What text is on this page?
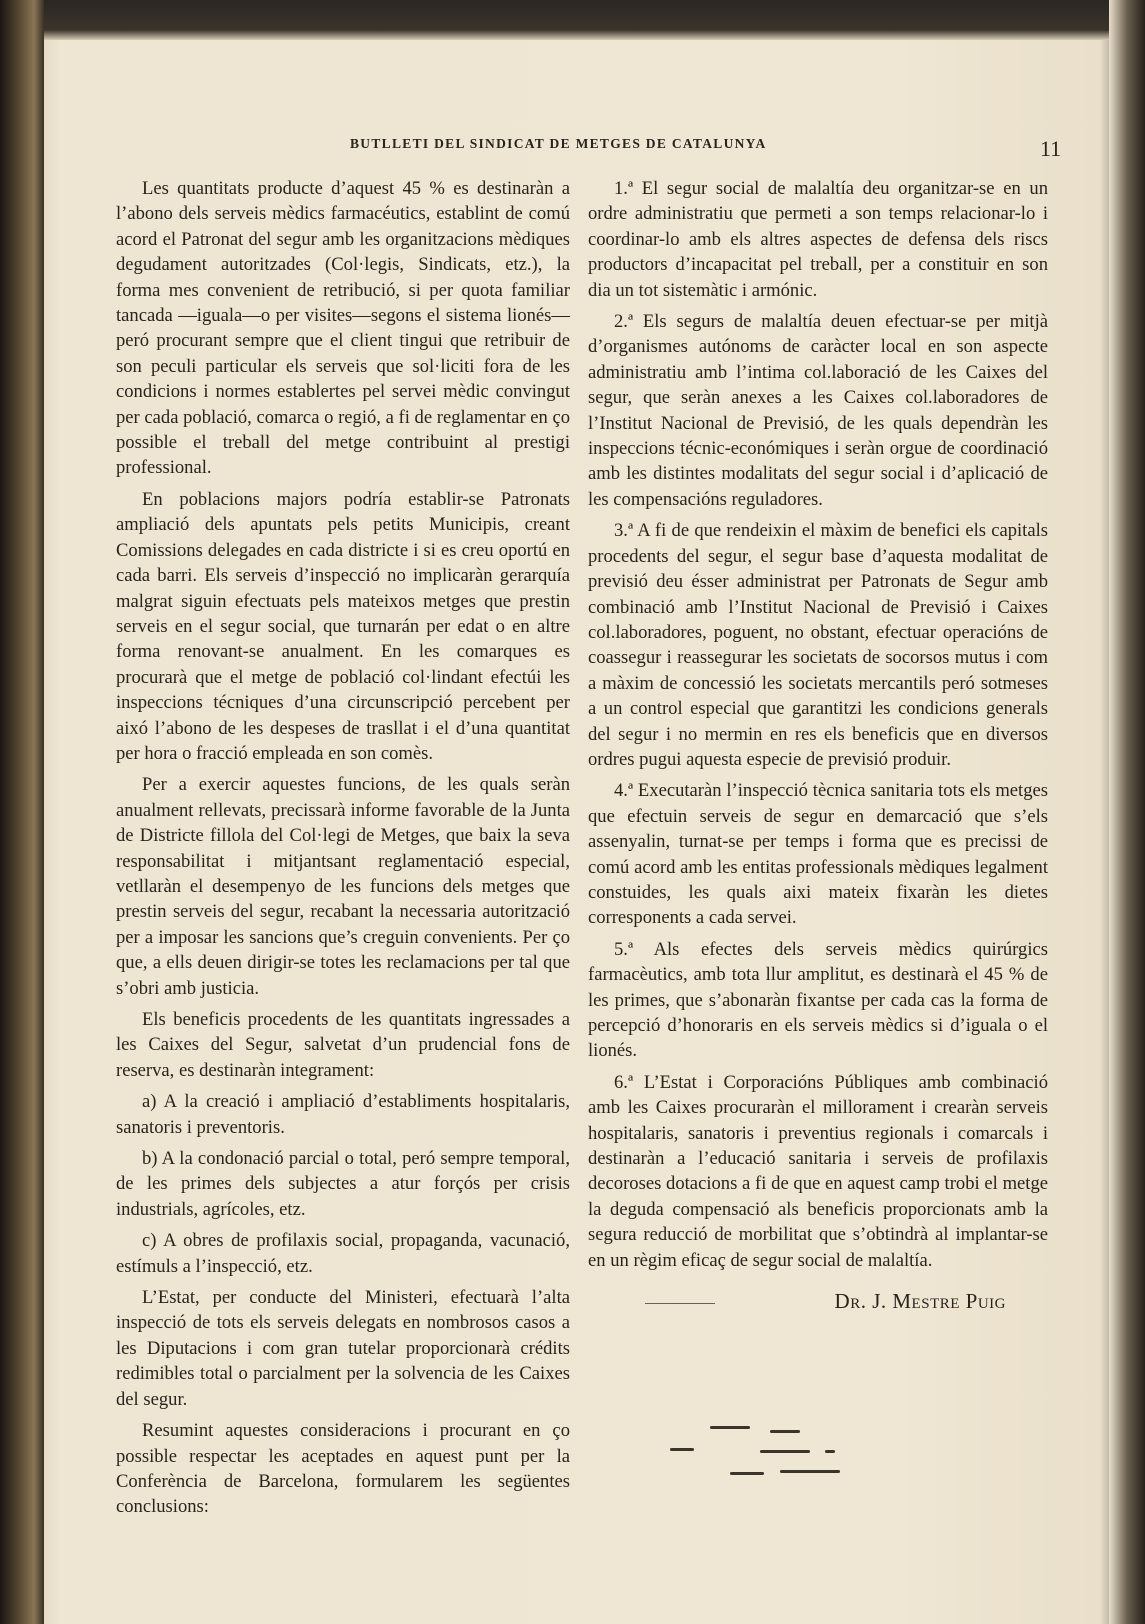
BUTLLETI DEL SINDICAT DE METGES DE CATALUNYA	11

Les quantitats producte d’aquest 45 % es destinaràn a l’abono dels serveis mèdics farmacéutics, establint de comú acord el Patronat del segur amb les organitzacions mèdiques degudament autoritzades (Col·legis, Sindicats, etz.), la forma mes convenient de retribució, si per quota familiar tancada —iguala—o per visites—segons el sistema lionés— peró procurant sempre que el client tingui que retribuir de son peculi particular els serveis que sol·liciti fora de les condicions i normes establertes pel servei mèdic convingut per cada població, comarca o regió, a fi de reglamentar en ço possible el treball del metge contribuint al prestigi professional.

En poblacions majors podría establir-se Patronats ampliació dels apuntats pels petits Municipis, creant Comissions delegades en cada districte i si es creu oportú en cada barri. Els serveis d’inspecció no implicaràn gerarquía malgrat siguin efectuats pels mateixos metges que prestin serveis en el segur social, que turnarán per edat o en altre forma renovant-se anualment. En les comarques es procurarà que el metge de població col·lindant efectúi les inspeccions técniques d’una circunscripció percebent per aixó l’abono de les despeses de trasllat i el d’una quantitat per hora o fracció empleada en son comès.

Per a exercir aquestes funcions, de les quals seràn anualment rellevats, precissarà informe favorable de la Junta de Districte fillola del Col·legi de Metges, que baix la seva responsabilitat i mitjantsant reglamentació especial, vetllaràn el desempenyo de les funcions dels metges que prestin serveis del segur, recabant la necessaria autorització per a imposar les sancions que’s creguin convenients. Per ço que, a ells deuen dirigir-se totes les reclamacions per tal que s’obri amb justicia.

Els beneficis procedents de les quantitats ingressades a les Caixes del Segur, salvetat d’un prudencial fons de reserva, es destinaràn integrament:

a) A la creació i ampliació d’establiments hospitalaris, sanatoris i preventoris.

b) A la condonació parcial o total, peró sempre temporal, de les primes dels subjectes a atur forçós per crisis industrials, agrícoles, etz.

c) A obres de profilaxis social, propaganda, vacunació, estímuls a l’inspecció, etz.

L’Estat, per conducte del Ministeri, efectuarà l’alta inspecció de tots els serveis delegats en nombrosos casos a les Diputacions i com gran tutelar proporcionarà crédits redimibles total o parcialment per la solvencia de les Caixes del segur.

Resumint aquestes consideracions i procurant en ço possible respectar les aceptades en aquest punt per la Conferència de Barcelona, formularem les següentes conclusions:

1.ª El segur social de malaltía deu organitzar-se en un ordre administratiu que permeti a son temps relacionar-lo i coordinar-lo amb els altres aspectes de defensa dels riscs productors d’incapacitat pel treball, per a constituir en son dia un tot sistemàtic i armónic.

2.ª Els segurs de malaltía deuen efectuar-se per mitjà d’organismes autónoms de caràcter local en son aspecte administratiu amb l’intima col.laboració de les Caixes del segur, que seràn anexes a les Caixes col.laboradores de l’Institut Nacional de Previsió, de les quals dependràn les inspeccions técnic-económiques i seràn orgue de coordinació amb les distintes modalitats del segur social i d’aplicació de les compensacións reguladores.

3.ª A fi de que rendeixin el màxim de benefici els capitals procedents del segur, el segur base d’aquesta modalitat de previsió deu ésser administrat per Patronats de Segur amb combinació amb l’Institut Nacional de Previsió i Caixes col.laboradores, poguent, no obstant, efectuar operacións de coassegur i reassegurar les societats de socorsos mutus i com a màxim de concessió les societats mercantils peró sotmeses a un control especial que garantitzi les condicions generals del segur i no mermin en res els beneficis que en diversos ordres pugui aquesta especie de previsió produir.

4.ª Executaràn l’inspecció tècnica sanitaria tots els metges que efectuin serveis de segur en demarcació que s’els assenyalin, turnat-se per temps i forma que es precissi de comú acord amb les entitas professionals mèdiques legalment constuides, les quals aixi mateix fixaràn les dietes corresponents a cada servei.

5.ª Als efectes dels serveis mèdics quirúrgics farmacèutics, amb tota llur amplitut, es destinarà el 45 % de les primes, que s’abonaràn fixantse per cada cas la forma de percepció d’honoraris en els serveis mèdics si d’iguala o el lionés.

6.ª L’Estat i Corporacións Públiques amb combinació amb les Caixes procuraràn el millorament i crearàn serveis hospitalaris, sanatoris i preventius regionals i comarcals i destinaràn a l’educació sanitaria i serveis de profilaxis decoroses dotacions a fi de que en aquest camp trobi el metge la deguda compensació als beneficis proporcionats amb la segura reducció de morbilitat que s’obtindrà al implantar-se en un règim eficaç de segur social de malaltía.

Dr. J. Mestre Puig
